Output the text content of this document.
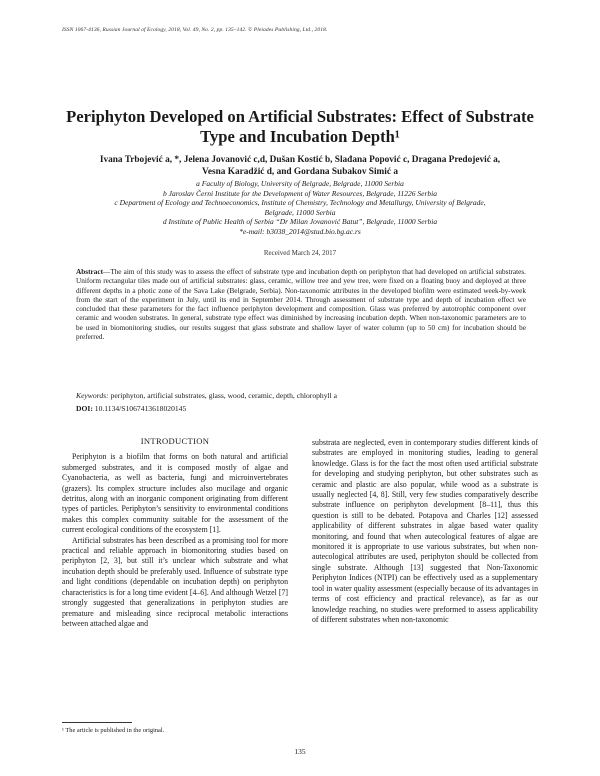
ISSN 1067-4136, Russian Journal of Ecology, 2018, Vol. 49, No. 2, pp. 135–142. © Pleiades Publishing, Ltd., 2018.
Periphyton Developed on Artificial Substrates: Effect of Substrate
Type and Incubation Depth¹
Ivana Trbojević a, *, Jelena Jovanović c,d, Dušan Kostić b, Slađana Popović c, Dragana Predojević a,
Vesna Karadžić d, and Gordana Subakov Simić a
a Faculty of Biology, University of Belgrade, Belgrade, 11000 Serbia
b Jaroslav Černi Institute for the Development of Water Resources, Belgrade, 11226 Serbia
c Department of Ecology and Technoeconomics, Institute of Chemistry, Technology and Metallurgy, University of Belgrade,
Belgrade, 11000 Serbia
d Institute of Public Health of Serbia “Dr Milan Jovanović Batut”, Belgrade, 11000 Serbia
*e-mail: b3038_2014@stud.bio.bg.ac.rs
Received March 24, 2017
Abstract—The aim of this study was to assess the effect of substrate type and incubation depth on periphyton that had developed on artificial substrates. Uniform rectangular tiles made out of artificial substrates: glass, ceramic, willow tree and yew tree, were fixed on a floating buoy and deployed at three different depths in a photic zone of the Sava Lake (Belgrade, Serbia). Non-taxonomic attributes in the developed biofilm were estimated week-by-week from the start of the experiment in July, until its end in September 2014. Through assessment of substrate type and depth of incubation effect we concluded that these parameters for the fact influence periphyton development and composition. Glass was preferred by autotrophic component over ceramic and wooden substrates. In general, substrate type effect was diminished by increasing incubation depth. When non-taxonomic parameters are to be used in biomonitoring studies, our results suggest that glass substrate and shallow layer of water column (up to 50 cm) for incubation should be preferred.
Keywords: periphyton, artificial substrates, glass, wood, ceramic, depth, chlorophyll a
DOI: 10.1134/S1067413618020145
INTRODUCTION

Periphyton is a biofilm that forms on both natural and artificial submerged substrates, and it is composed mostly of algae and Cyanobacteria, as well as bacteria, fungi and microinvertebrates (grazers). Its complex structure includes also mucilage and organic detritus, along with an inorganic component originating from different types of particles. Periphyton’s sensitivity to environmental conditions makes this complex community suitable for the assessment of the current ecological conditions of the ecosystem [1].

Artificial substrates has been described as a promising tool for more practical and reliable approach in biomonitoring studies based on periphyton [2, 3], but still it’s unclear which substrate and what incubation depth should be preferably used. Influence of substrate type and light conditions (dependable on incubation depth) on periphyton characteristics is for a long time evident [4–6]. And although Wetzel [7] strongly suggested that generalizations in periphyton studies are premature and misleading since reciprocal metabolic interactions between attached algae and

substrata are neglected, even in contemporary studies different kinds of substrates are employed in monitoring studies, leading to general knowledge. Glass is for the fact the most often used artificial substrate for developing and studying periphyton, but other substrates such as ceramic and plastic are also popular, while wood as a substrate is usually neglected [4, 8]. Still, very few studies comparatively describe substrate influence on periphyton development [8–11], thus this question is still to be debated. Potapova and Charles [12] assessed applicability of different substrates in algae based water quality monitoring, and found that when autecological features of algae are monitored it is appropriate to use various substrates, but when non-autecological attributes are used, periphyton should be collected from single substrate. Although [13] suggested that Non-Taxonomic Periphyton Indices (NTPI) can be effectively used as a supplementary tool in water quality assessment (especially because of its advantages in terms of cost efficiency and practical relevance), as far as our knowledge reaching, no studies were preformed to assess applicability of different substrates when non-taxonomic

¹ The article is published in the original.
135
